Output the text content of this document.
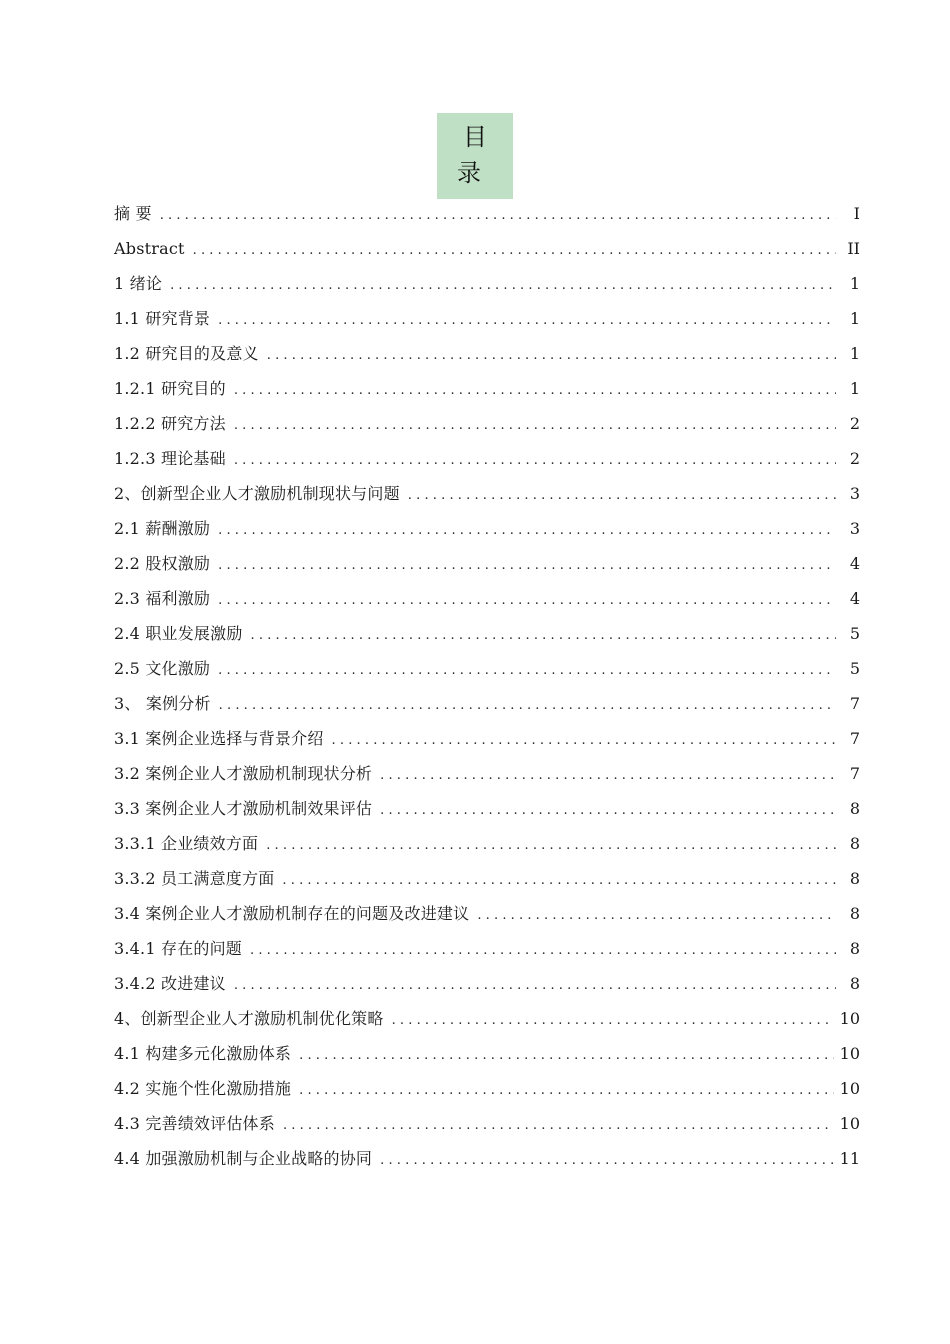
目 录
摘 要 .....	I
Abstract .....	II
1 绪论 .....	1
1.1 研究背景 .....	1
1.2 研究目的及意义 .....	1
1.2.1 研究目的 .....	1
1.2.2 研究方法 .....	2
1.2.3 理论基础 .....	2
2、创新型企业人才激励机制现状与问题 .....	3
2.1 薪酬激励 .....	3
2.2 股权激励 .....	4
2.3 福利激励 .....	4
2.4 职业发展激励 .....	5
2.5 文化激励 .....	5
3、 案例分析 .....	7
3.1 案例企业选择与背景介绍 .....	7
3.2 案例企业人才激励机制现状分析 .....	7
3.3 案例企业人才激励机制效果评估 .....	8
3.3.1 企业绩效方面 .....	8
3.3.2 员工满意度方面 .....	8
3.4 案例企业人才激励机制存在的问题及改进建议 .....	8
3.4.1 存在的问题 .....	8
3.4.2 改进建议 .....	8
4、创新型企业人才激励机制优化策略 .....	10
4.1 构建多元化激励体系 .....	10
4.2 实施个性化激励措施 .....	10
4.3 完善绩效评估体系 .....	10
4.4 加强激励机制与企业战略的协同 .....	11
